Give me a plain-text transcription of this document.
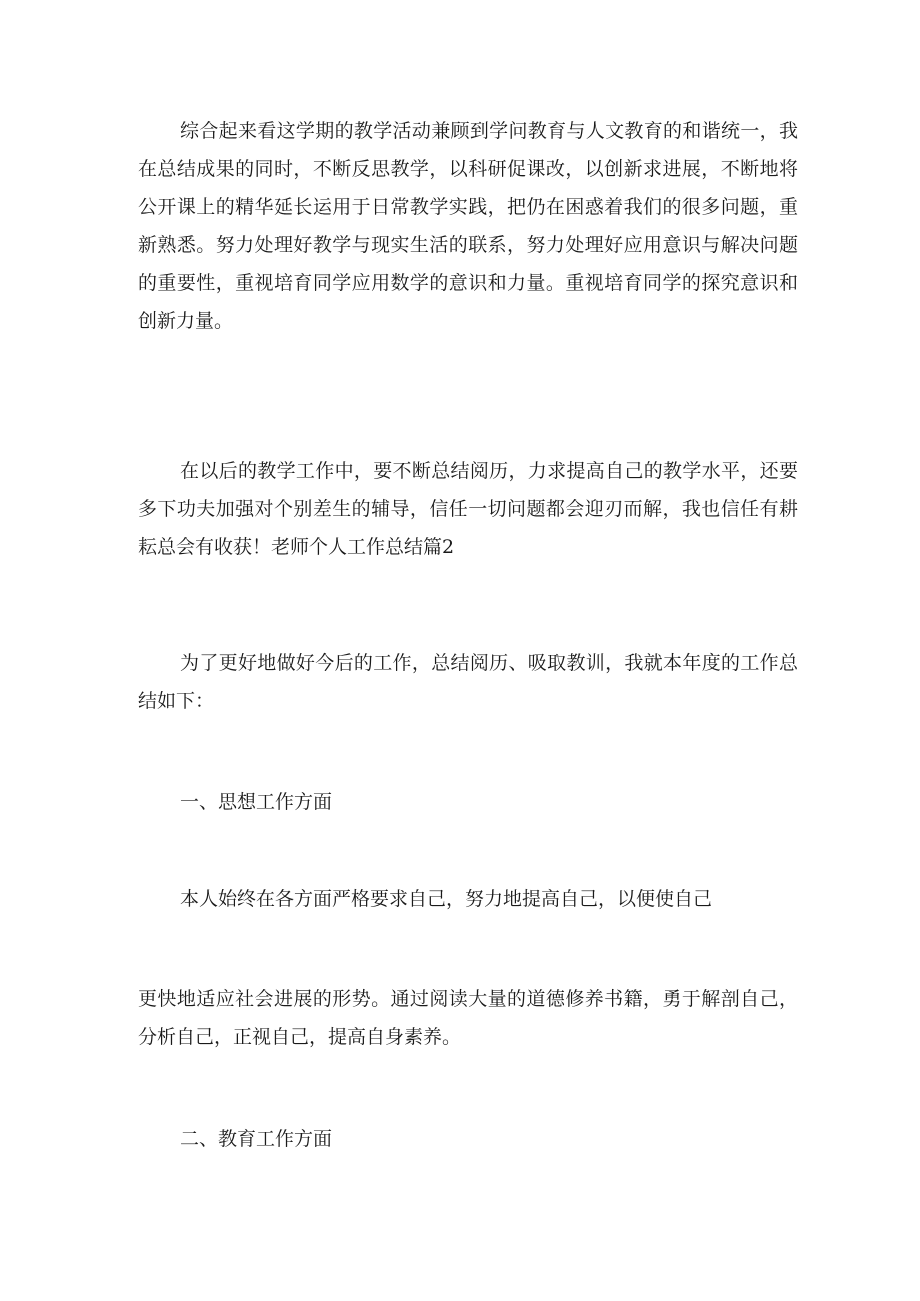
综合起来看这学期的教学活动兼顾到学问教育与人文教育的和谐统一，我在总结成果的同时，不断反思教学，以科研促课改，以创新求进展，不断地将公开课上的精华延长运用于日常教学实践，把仍在困惑着我们的很多问题，重新熟悉。努力处理好教学与现实生活的联系，努力处理好应用意识与解决问题的重要性，重视培育同学应用数学的意识和力量。重视培育同学的探究意识和创新力量。

在以后的教学工作中，要不断总结阅历，力求提高自己的教学水平，还要多下功夫加强对个别差生的辅导，信任一切问题都会迎刃而解，我也信任有耕耘总会有收获！老师个人工作总结篇2

为了更好地做好今后的工作，总结阅历、吸取教训，我就本年度的工作总结如下：

一、思想工作方面

本人始终在各方面严格要求自己，努力地提高自己，以便使自己

更快地适应社会进展的形势。通过阅读大量的道德修养书籍，勇于解剖自己，分析自己，正视自己，提高自身素养。

二、教育工作方面
